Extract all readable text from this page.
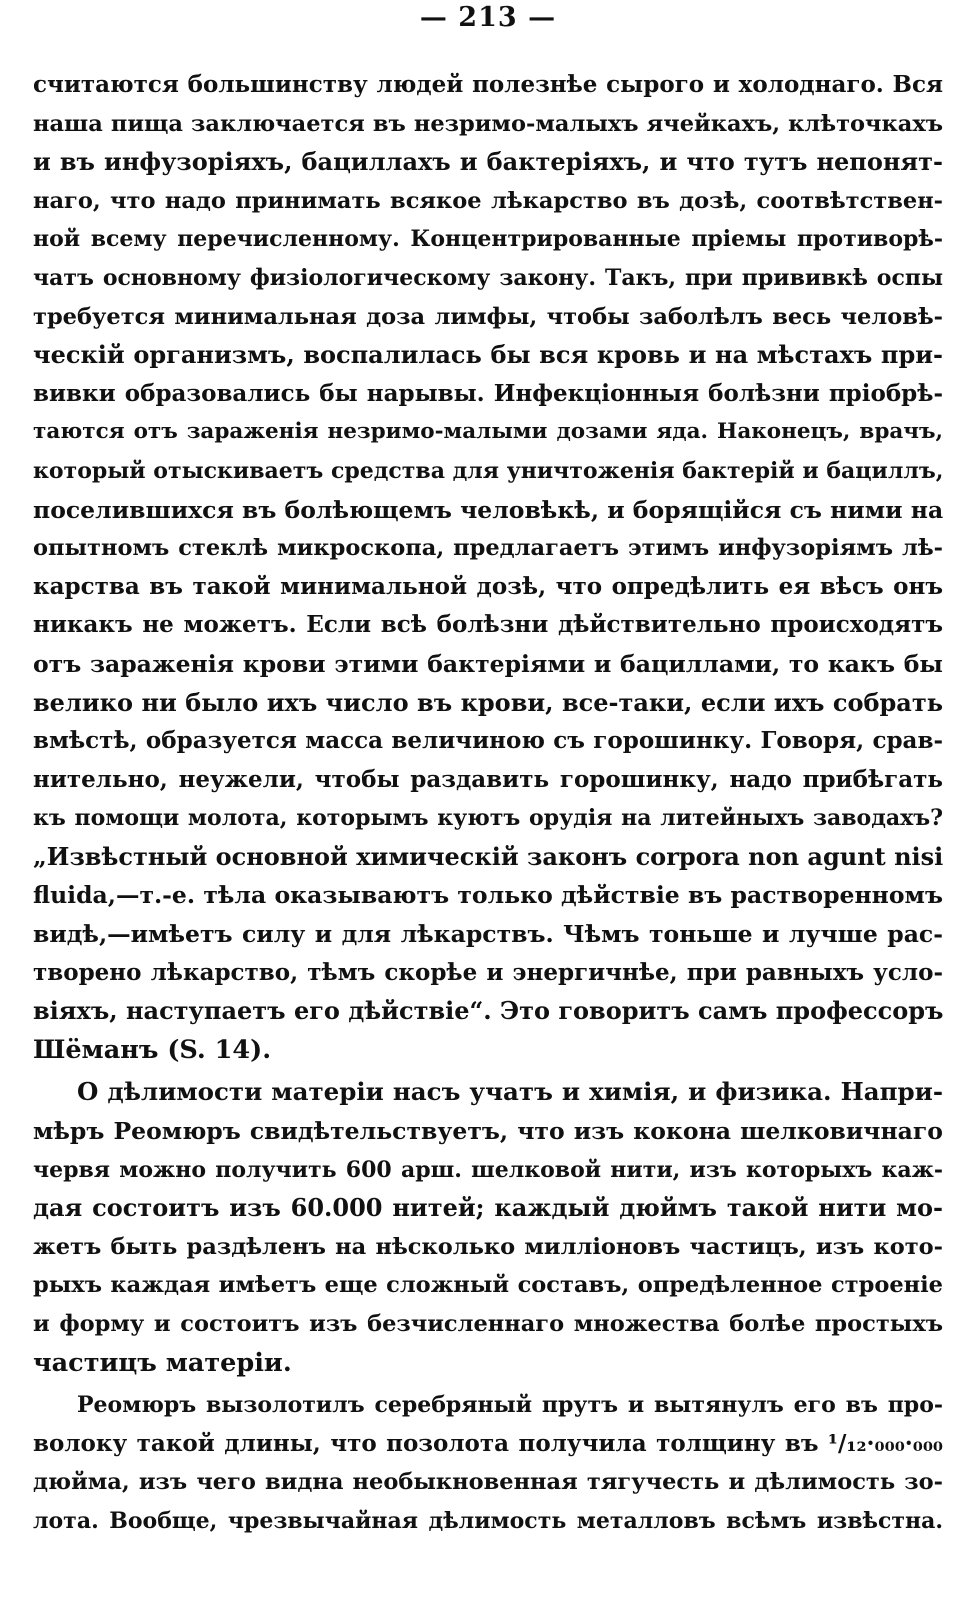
— 213 —
считаются большинству людей полезнѣе сырого и холоднаго. Вся
наша пища заключается въ незримо-малыхъ ячейкахъ, клѣточкахъ
и въ инфузоріяхъ, бациллахъ и бактеріяхъ, и что тутъ непонят-
наго, что надо принимать всякое лѣкарство въ дозѣ, соотвѣтствен-
ной всему перечисленному. Концентрированные пріемы противорѣ-
чатъ основному физіологическому закону. Такъ, при прививкѣ оспы
требуется минимальная доза лимфы, чтобы заболѣлъ весь человѣ-
ческій организмъ, воспалилась бы вся кровь и на мѣстахъ при-
вивки образовались бы нарывы. Инфекціонныя болѣзни пріобрѣ-
таются отъ зараженія незримо-малыми дозами яда. Наконецъ, врачъ,
который отыскиваетъ средства для уничтоженія бактерій и бациллъ,
поселившихся въ болѣющемъ человѣкѣ, и борящійся съ ними на
опытномъ стеклѣ микроскопа, предлагаетъ этимъ инфузоріямъ лѣ-
карства въ такой минимальной дозѣ, что опредѣлить ея вѣсъ онъ
никакъ не можетъ. Если всѣ болѣзни дѣйствительно происходятъ
отъ зараженія крови этими бактеріями и бациллами, то какъ бы
велико ни было ихъ число въ крови, все-таки, если ихъ собрать
вмѣстѣ, образуется масса величиною съ горошинку. Говоря, срав-
нительно, неужели, чтобы раздавить горошинку, надо прибѣгать
къ помощи молота, которымъ куютъ орудія на литейныхъ заводахъ?
„Извѣстный основной химическій законъ corpora non agunt nisi
fluida,—т.-е. тѣла оказываютъ только дѣйствіе въ растворенномъ
видѣ,—имѣетъ силу и для лѣкарствъ. Чѣмъ тоньше и лучше рас-
творено лѣкарство, тѣмъ скорѣе и энергичнѣе, при равныхъ усло-
віяхъ, наступаетъ его дѣйствіе“. Это говоритъ самъ профессоръ
Шёманъ (S. 14).
О дѣлимости матеріи насъ учатъ и химія, и физика. Напри-
мѣръ Реомюръ свидѣтельствуетъ, что изъ кокона шелковичнаго
червя можно получить 600 арш. шелковой нити, изъ которыхъ каж-
дая состоитъ изъ 60.000 нитей; каждый дюймъ такой нити мо-
жетъ быть раздѣленъ на нѣсколько милліоновъ частицъ, изъ кото-
рыхъ каждая имѣетъ еще сложный составъ, опредѣленное строеніе
и форму и состоитъ изъ безчисленнаго множества болѣе простыхъ
частицъ матеріи.
Реомюръ вызолотилъ серебряный прутъ и вытянулъ его въ про-
волоку такой длины, что позолота получила толщину въ ¹/₁₂·₀₀₀·₀₀₀
дюйма, изъ чего видна необыкновенная тягучесть и дѣлимость зо-
лота. Вообще, чрезвычайная дѣлимость металловъ всѣмъ извѣстна.
